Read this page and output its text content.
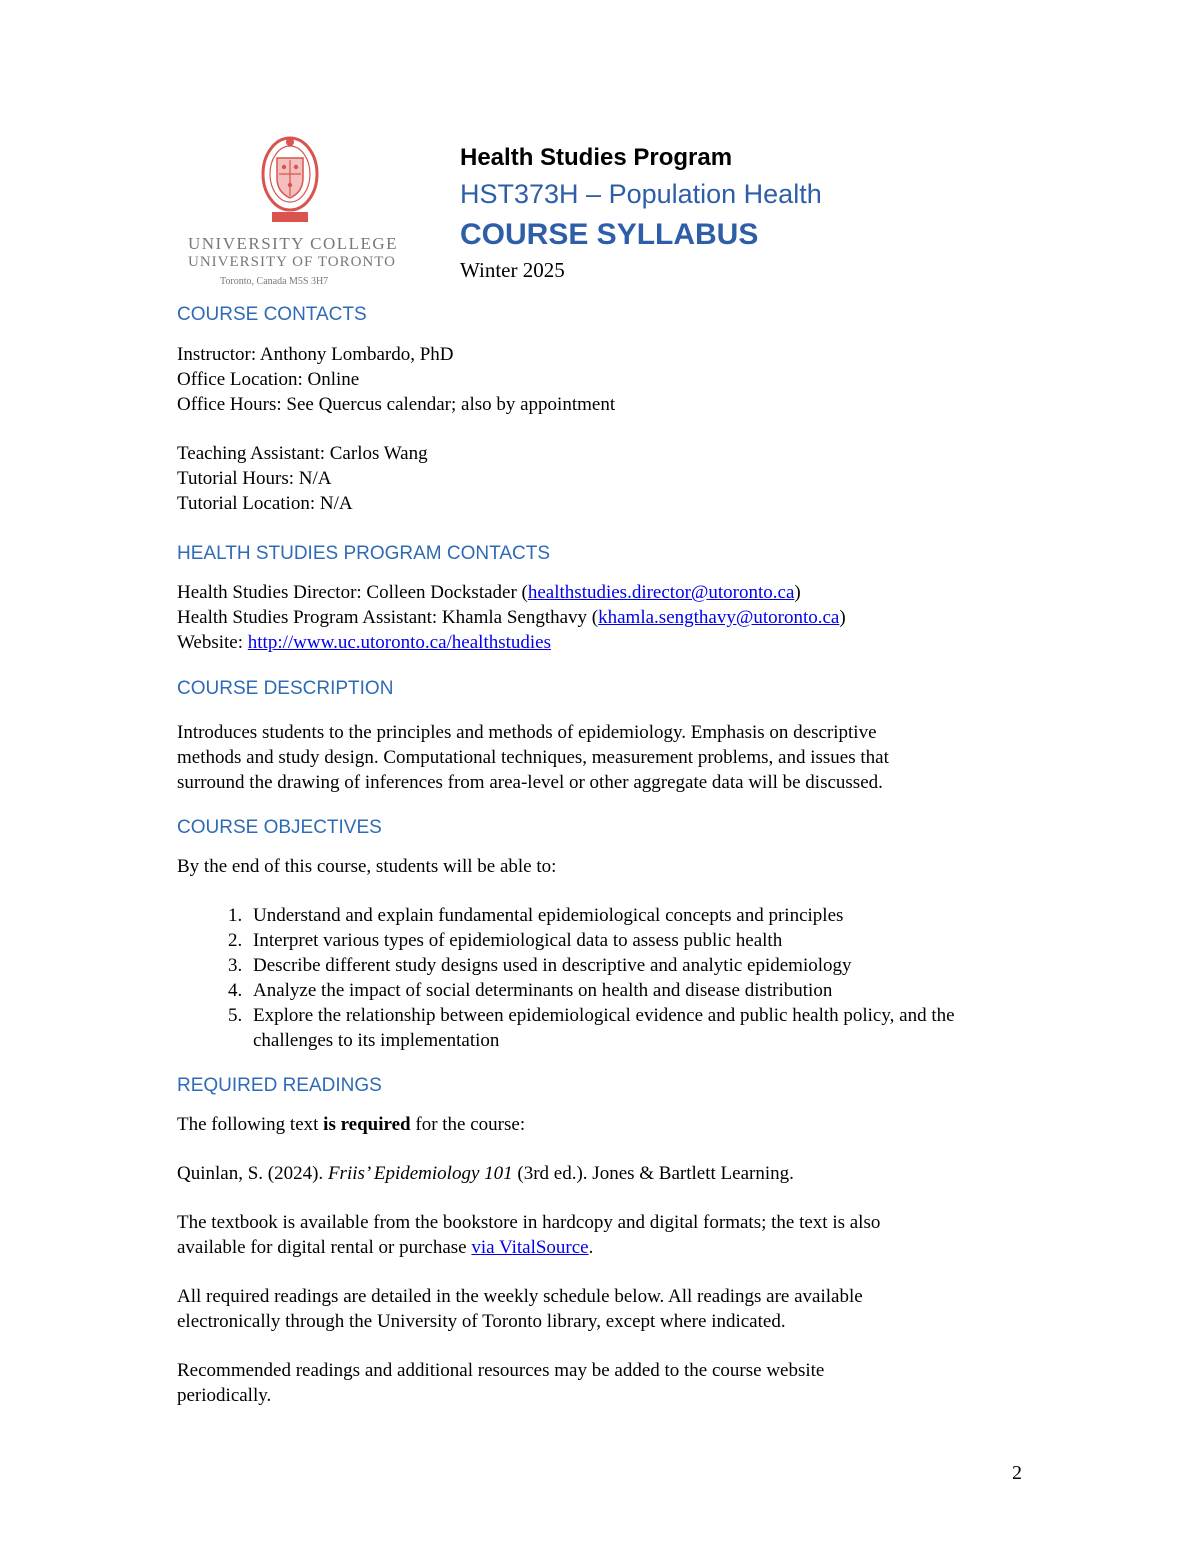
UNIVERSITY COLLEGE
UNIVERSITY OF TORONTO
Toronto, Canada M5S 3H7
Health Studies Program
HST373H – Population Health
COURSE SYLLABUS
Winter 2025
COURSE CONTACTS
Instructor: Anthony Lombardo, PhD
Office Location: Online
Office Hours: See Quercus calendar; also by appointment
Teaching Assistant: Carlos Wang
Tutorial Hours: N/A
Tutorial Location: N/A
HEALTH STUDIES PROGRAM CONTACTS
Health Studies Director: Colleen Dockstader (healthstudies.director@utoronto.ca)
Health Studies Program Assistant: Khamla Sengthavy (khamla.sengthavy@utoronto.ca)
Website: http://www.uc.utoronto.ca/healthstudies
COURSE DESCRIPTION
Introduces students to the principles and methods of epidemiology. Emphasis on descriptive
methods and study design. Computational techniques, measurement problems, and issues that
surround the drawing of inferences from area-level or other aggregate data will be discussed.
COURSE OBJECTIVES
By the end of this course, students will be able to:
1. Understand and explain fundamental epidemiological concepts and principles
2. Interpret various types of epidemiological data to assess public health
3. Describe different study designs used in descriptive and analytic epidemiology
4. Analyze the impact of social determinants on health and disease distribution
5. Explore the relationship between epidemiological evidence and public health policy, and the challenges to its implementation
REQUIRED READINGS
The following text is required for the course:
Quinlan, S. (2024). Friis’ Epidemiology 101 (3rd ed.). Jones & Bartlett Learning.
The textbook is available from the bookstore in hardcopy and digital formats; the text is also
available for digital rental or purchase via VitalSource.
All required readings are detailed in the weekly schedule below. All readings are available
electronically through the University of Toronto library, except where indicated.
Recommended readings and additional resources may be added to the course website
periodically.
2
